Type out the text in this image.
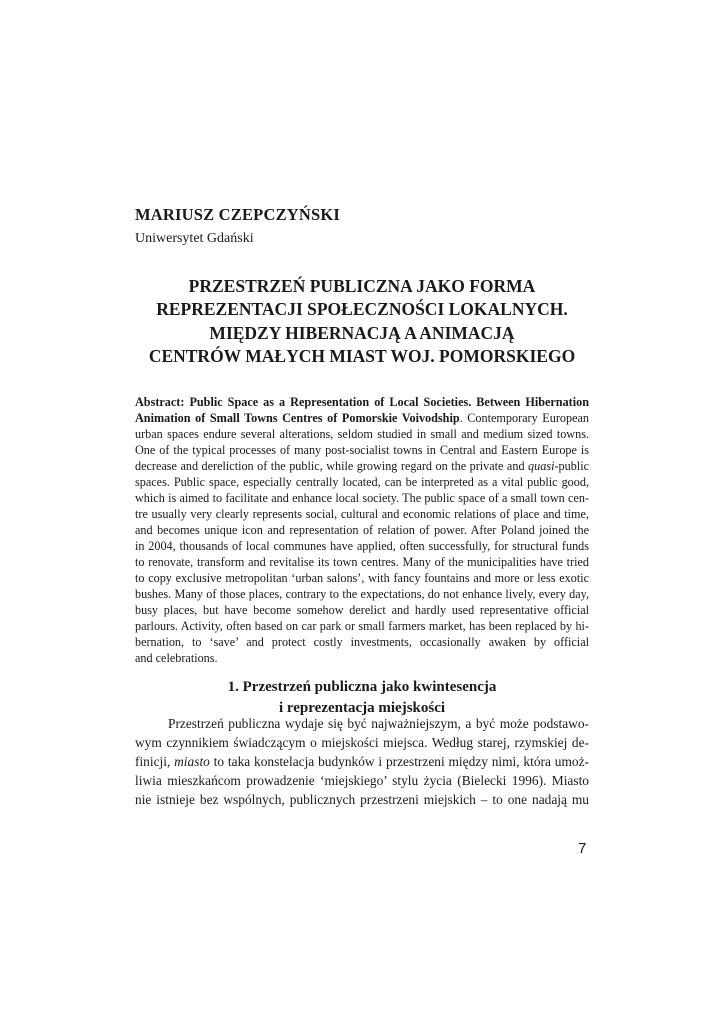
MARIUSZ CZEPCZYŃSKI
Uniwersytet Gdański
PRZESTRZEŃ PUBLICZNA JAKO FORMA
REPREZENTACJI SPOŁECZNOŚCI LOKALNYCH.
MIĘDZY HIBERNACJĄ A ANIMACJĄ
CENTRÓW MAŁYCH MIAST WOJ. POMORSKIEGO
Abstract: Public Space as a Representation of Local Societies. Between Hibernation
Animation of Small Towns Centres of Pomorskie Voivodship. Contemporary European
urban spaces endure several alterations, seldom studied in small and medium sized towns.
One of the typical processes of many post-socialist towns in Central and Eastern Europe is
decrease and dereliction of the public, while growing regard on the private and quasi-public
spaces. Public space, especially centrally located, can be interpreted as a vital public good,
which is aimed to facilitate and enhance local society. The public space of a small town cen-
tre usually very clearly represents social, cultural and economic relations of place and time,
and becomes unique icon and representation of relation of power. After Poland joined the
in 2004, thousands of local communes have applied, often successfully, for structural funds
to renovate, transform and revitalise its town centres. Many of the municipalities have tried
to copy exclusive metropolitan ‘urban salons’, with fancy fountains and more or less exotic
bushes. Many of those places, contrary to the expectations, do not enhance lively, every day,
busy places, but have become somehow derelict and hardly used representative official
parlours. Activity, often based on car park or small farmers market, has been replaced by hi-
bernation, to ‘save’ and protect costly investments, occasionally awaken by official
and celebrations.
1. Przestrzeń publiczna jako kwintesencja
i reprezentacja miejskości
Przestrzeń publiczna wydaje się być najważniejszym, a być może podstawo-
wym czynnikiem świadczącym o miejskości miejsca. Według starej, rzymskiej de-
finicji, miasto to taka konstelacja budynków i przestrzeni między nimi, która umoż-
liwia mieszkańcom prowadzenie ‘miejskiego’ stylu życia (Bielecki 1996). Miasto
nie istnieje bez wspólnych, publicznych przestrzeni miejskich – to one nadają mu
7
